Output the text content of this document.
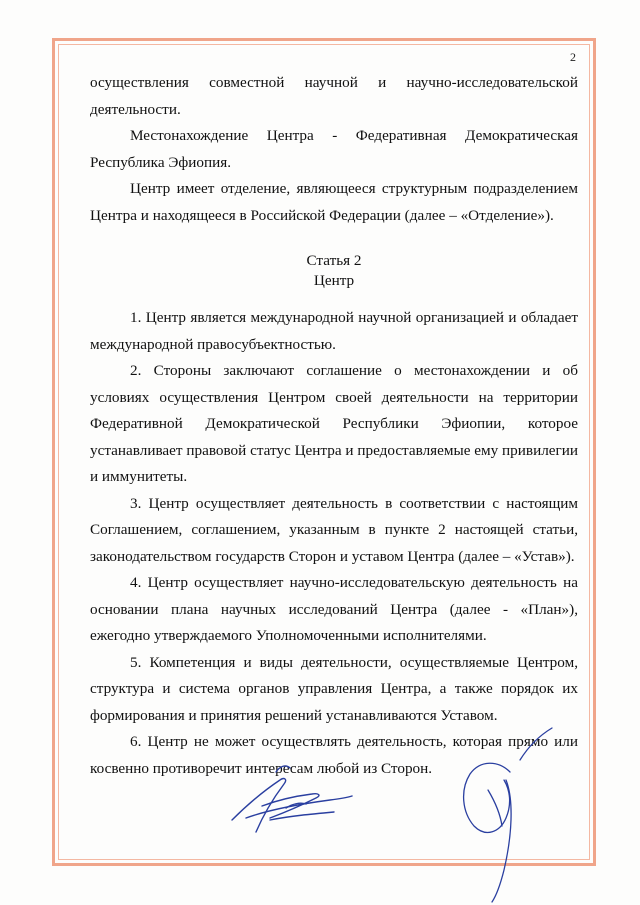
2

осуществления совместной научной и научно-исследовательской деятельности.

Местонахождение Центра - Федеративная Демократическая Республика Эфиопия.

Центр имеет отделение, являющееся структурным подразделением Центра и находящееся в Российской Федерации (далее – «Отделение»).

Статья 2
Центр

1. Центр является международной научной организацией и обладает международной правосубъектностью.

2. Стороны заключают соглашение о местонахождении и об условиях осуществления Центром своей деятельности на территории Федеративной Демократической Республики Эфиопии, которое устанавливает правовой статус Центра и предоставляемые ему привилегии и иммунитеты.

3. Центр осуществляет деятельность в соответствии с настоящим Соглашением, соглашением, указанным в пункте 2 настоящей статьи, законодательством государств Сторон и уставом Центра (далее – «Устав»).

4. Центр осуществляет научно-исследовательскую деятельность на основании плана научных исследований Центра (далее - «План»), ежегодно утверждаемого Уполномоченными исполнителями.

5. Компетенция и виды деятельности, осуществляемые Центром, структура и система органов управления Центра, а также порядок их формирования и принятия решений устанавливаются Уставом.

6. Центр не может осуществлять деятельность, которая прямо или косвенно противоречит интересам любой из Сторон.
